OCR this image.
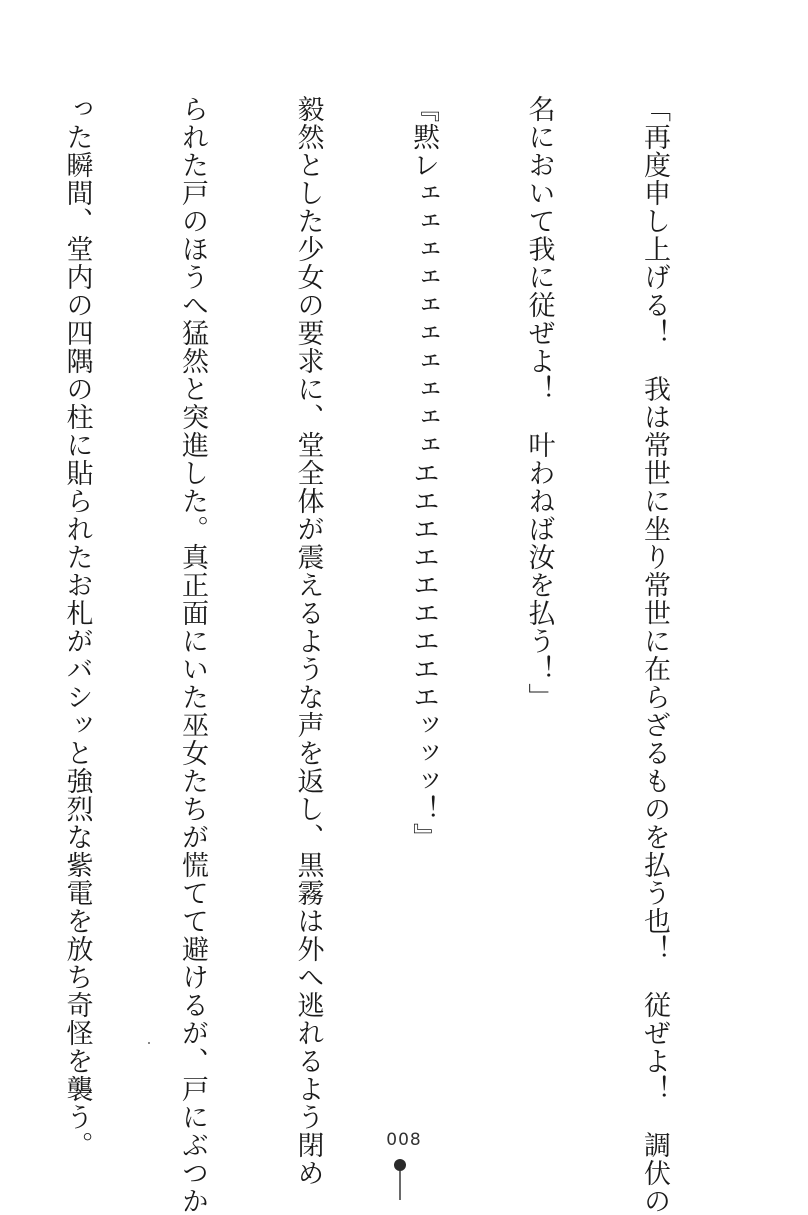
「再度申し上げる！　我は常世に坐り常世に在らざるものを払う也！　従ぜよ！　調伏の

名において我に従ぜよ！　叶わねば汝を払う！」

『黙レェェェェェェェェェェエエエエエエエエエッッッ！』

毅然とした少女の要求に、堂全体が震えるような声を返し、黒霧は外へ逃れるよう閉め

られた戸のほうへ猛然と突進した。真正面にいた巫女たちが慌てて避けるが、戸にぶつか

った瞬間、堂内の四隅の柱に貼られたお札がバシッと強烈な紫電を放ち奇怪を襲う。

	008
